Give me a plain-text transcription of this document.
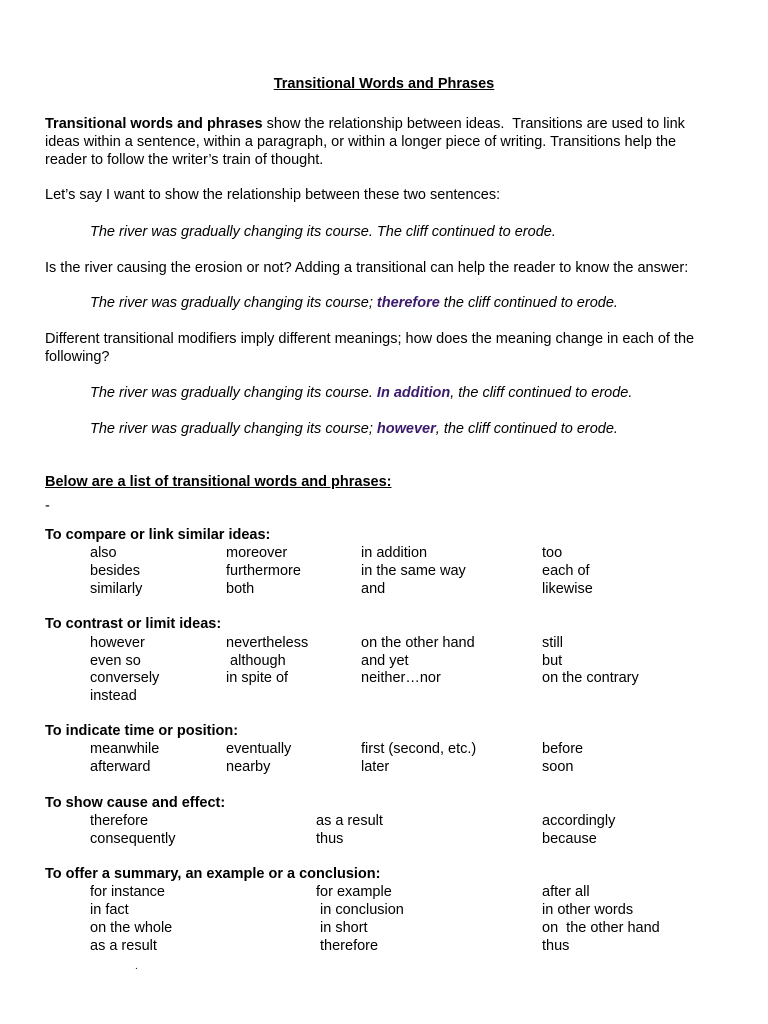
Transitional Words and Phrases
Transitional words and phrases show the relationship between ideas.  Transitions are used to link
ideas within a sentence, within a paragraph, or within a longer piece of writing. Transitions help the
reader to follow the writer’s train of thought.
Let’s say I want to show the relationship between these two sentences:
The river was gradually changing its course. The cliff continued to erode.
Is the river causing the erosion or not? Adding a transitional can help the reader to know the answer:
The river was gradually changing its course; therefore the cliff continued to erode.
Different transitional modifiers imply different meanings; how does the meaning change in each of the
following?
The river was gradually changing its course. In addition, the cliff continued to erode.
The river was gradually changing its course; however, the cliff continued to erode.
Below are a list of transitional words and phrases:
-
To compare or link similar ideas:
also	moreover	in addition	too
besides	furthermore	in the same way	each of
similarly	both	and	likewise
To contrast or limit ideas:
however	nevertheless	on the other hand	still
even so	although	and yet	but
conversely	in spite of	neither…nor	on the contrary
instead
To indicate time or position:
meanwhile	eventually	first (second, etc.)	before
afterward	nearby	later	soon
To show cause and effect:
therefore	as a result	accordingly
consequently	thus	because
To offer a summary, an example or a conclusion:
for instance	for example	after all
in fact	in conclusion	in other words
on the whole	in short	on  the other hand
as a result	therefore	thus
.
